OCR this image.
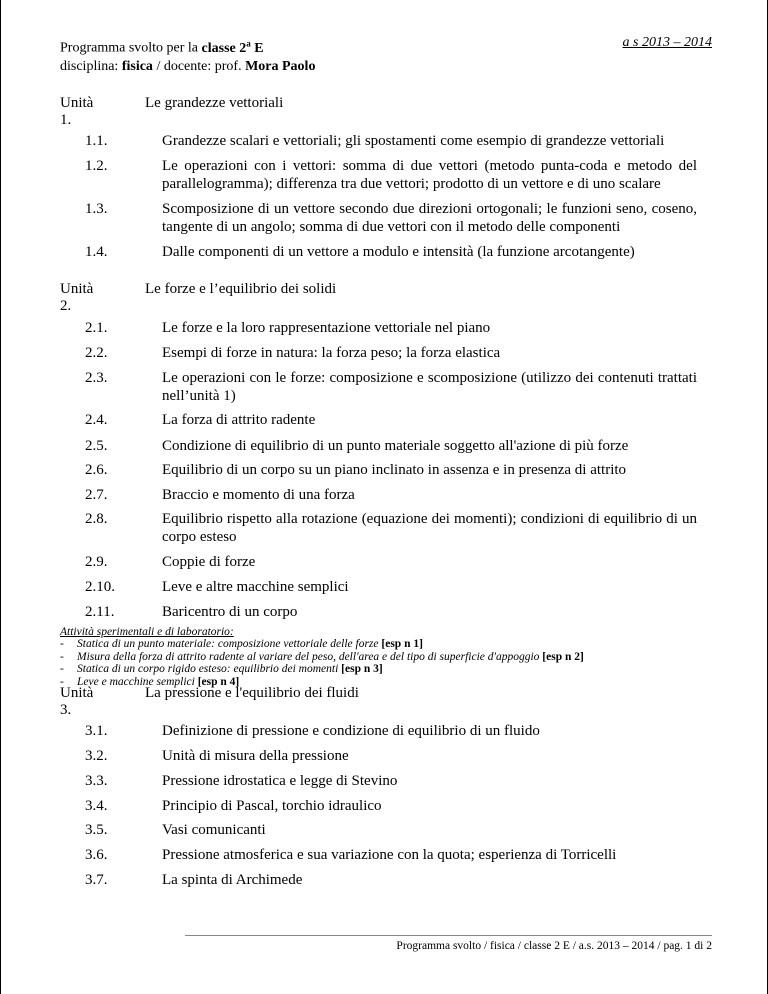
Programma svolto per la classe 2$^a$ E
disciplina: fisica / docente: prof. Mora Paolo
a s 2013 – 2014
Unità 1.
Le grandezze vettoriali
1.1.	Grandezze scalari e vettoriali; gli spostamenti come esempio di grandezze vettoriali
1.2.	Le operazioni con i vettori: somma di due vettori (metodo punta-coda e metodo del parallelogramma); differenza tra due vettori; prodotto di un vettore e di uno scalare
1.3.	Scomposizione di un vettore secondo due direzioni ortogonali; le funzioni seno, coseno, tangente di un angolo; somma di due vettori con il metodo delle componenti
1.4.	Dalle componenti di un vettore a modulo e intensità (la funzione arcotangente)
Unità 2.
Le forze e l’equilibrio dei solidi
2.1.	Le forze e la loro rappresentazione vettoriale nel piano
2.2.	Esempi di forze in natura: la forza peso; la forza elastica
2.3.	Le operazioni con le forze: composizione e scomposizione (utilizzo dei contenuti trattati nell’unità 1)
2.4.	La forza di attrito radente
2.5.	Condizione di equilibrio di un punto materiale soggetto all'azione di più forze
2.6.	Equilibrio di un corpo su un piano inclinato in assenza e in presenza di attrito
2.7.	Braccio e momento di una forza
2.8.	Equilibrio rispetto alla rotazione (equazione dei momenti); condizioni di equilibrio di un corpo esteso
2.9.	Coppie di forze
2.10.	Leve e altre macchine semplici
2.11.	Baricentro di un corpo
Attività sperimentali e di laboratorio:
- Statica di un punto materiale: composizione vettoriale delle forze [esp n 1]
- Misura della forza di attrito radente al variare del peso, dell'area e del tipo di superficie d'appoggio [esp n 2]
- Statica di un corpo rigido esteso: equilibrio dei momenti [esp n 3]
- Leve e macchine semplici [esp n 4]
Unità 3.
La pressione e l'equilibrio dei fluidi
3.1.	Definizione di pressione e condizione di equilibrio di un fluido
3.2.	Unità di misura della pressione
3.3.	Pressione idrostatica e legge di Stevino
3.4.	Principio di Pascal, torchio idraulico
3.5.	Vasi comunicanti
3.6.	Pressione atmosferica e sua variazione con la quota; esperienza di Torricelli
3.7.	La spinta di Archimede
Programma svolto / fisica / classe 2 E / a.s. 2013 – 2014 / pag. 1 di 2
